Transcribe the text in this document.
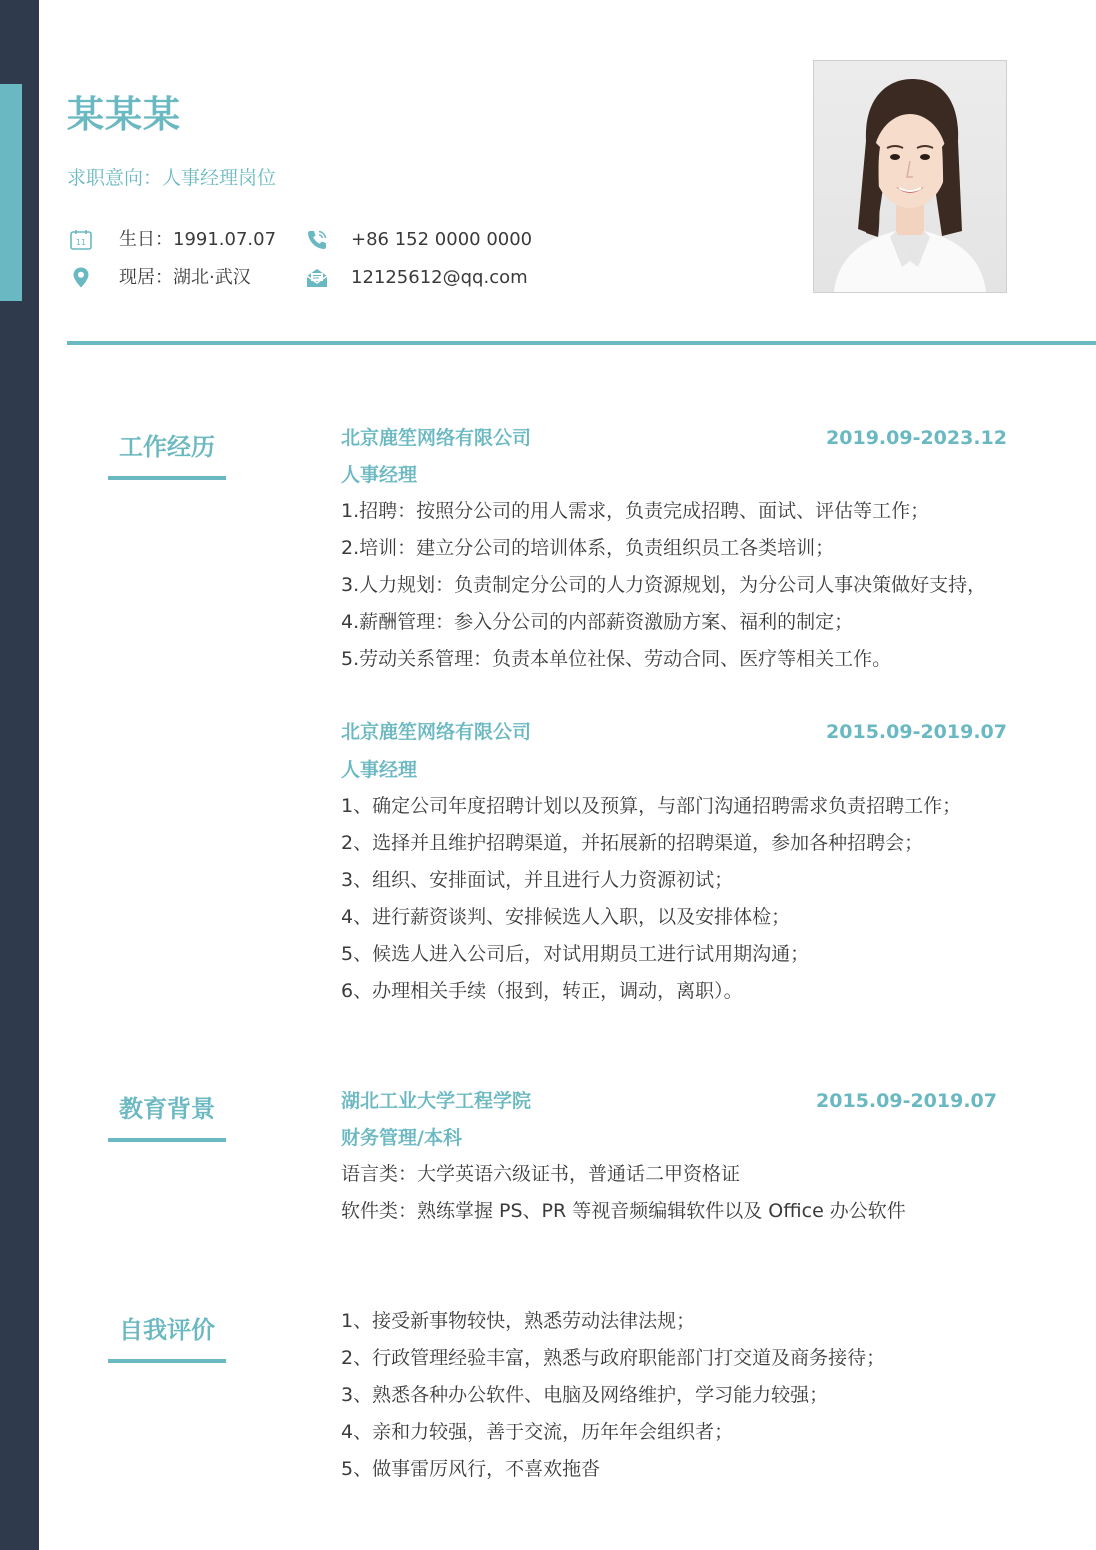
某某某
求职意向：人事经理岗位
11 生日：1991.07.07	+86 152 0000 0000
现居：湖北·武汉	12125612@qq.com
工作经历	北京鹿笙网络有限公司	2019.09-2023.12
人事经理
1.招聘：按照分公司的用人需求，负责完成招聘、面试、评估等工作；
2.培训：建立分公司的培训体系，负责组织员工各类培训；
3.人力规划：负责制定分公司的人力资源规划，为分公司人事决策做好支持，
4.薪酬管理：参入分公司的内部薪资激励方案、福利的制定；
5.劳动关系管理：负责本单位社保、劳动合同、医疗等相关工作。
北京鹿笙网络有限公司	2015.09-2019.07
人事经理
1、确定公司年度招聘计划以及预算，与部门沟通招聘需求负责招聘工作；
2、选择并且维护招聘渠道，并拓展新的招聘渠道，参加各种招聘会；
3、组织、安排面试，并且进行人力资源初试；
4、进行薪资谈判、安排候选人入职，以及安排体检；
5、候选人进入公司后，对试用期员工进行试用期沟通；
6、办理相关手续（报到，转正，调动，离职）。
教育背景	湖北工业大学工程学院	2015.09-2019.07
财务管理/本科
语言类：大学英语六级证书，普通话二甲资格证
软件类：熟练掌握 PS、PR 等视音频编辑软件以及 Office 办公软件
自我评价	1、接受新事物较快，熟悉劳动法律法规；
2、行政管理经验丰富，熟悉与政府职能部门打交道及商务接待；
3、熟悉各种办公软件、电脑及网络维护，学习能力较强；
4、亲和力较强，善于交流，历年年会组织者；
5、做事雷厉风行，不喜欢拖沓
